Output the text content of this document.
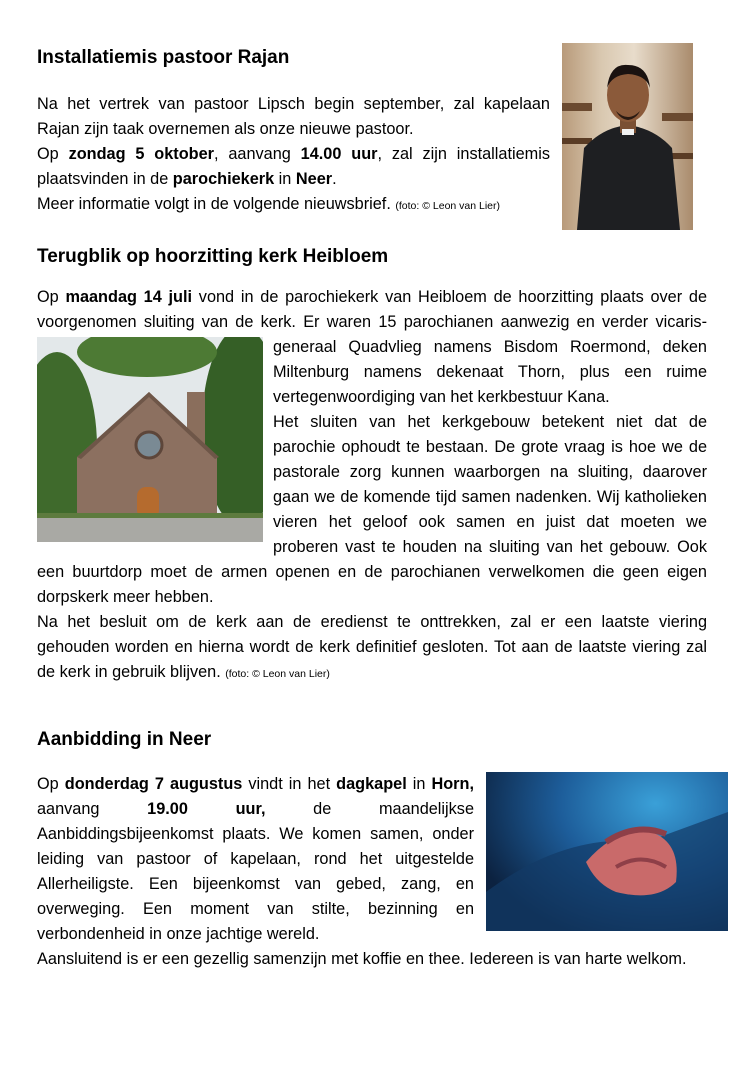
Installatiemis pastoor Rajan

Na het vertrek van pastoor Lipsch begin september, zal kapelaan Rajan zijn taak overnemen als onze nieuwe pastoor.
Op zondag 5 oktober, aanvang 14.00 uur, zal zijn installatiemis plaatsvinden in de parochiekerk in Neer.
Meer informatie volgt in de volgende nieuwsbrief. (foto: © Leon van Lier)

Terugblik op hoorzitting kerk Heibloem

Op maandag 14 juli vond in de parochiekerk van Heibloem de hoorzitting plaats over de voorgenomen sluiting van de kerk. Er waren 15 parochianen aanwezig en verder vicaris-generaal Quadvlieg namens Bisdom Roermond, deken Miltenburg namens dekenaat Thorn, plus een ruime vertegenwoordiging van het kerkbestuur Kana.
Het sluiten van het kerkgebouw betekent niet dat de parochie ophoudt te bestaan. De grote vraag is hoe we de pastorale zorg kunnen waarborgen na sluiting, daarover gaan we de komende tijd samen nadenken. Wij katholieken vieren het geloof ook samen en juist dat moeten we proberen vast te houden na sluiting van het gebouw. Ook een buurtdorp moet de armen openen en de parochianen verwelkomen die geen eigen dorpskerk meer hebben.
Na het besluit om de kerk aan de eredienst te onttrekken, zal er een laatste viering gehouden worden en hierna wordt de kerk definitief gesloten. Tot aan de laatste viering zal de kerk in gebruik blijven. (foto: © Leon van Lier)

Aanbidding in Neer

Op donderdag 7 augustus vindt in het dagkapel in Horn, aanvang 19.00 uur, de maandelijkse Aanbiddingsbijeenkomst plaats. We komen samen, onder leiding van pastoor of kapelaan, rond het uitgestelde Allerheiligste. Een bijeenkomst van gebed, zang, en overweging. Een moment van stilte, bezinning en verbondenheid in onze jachtige wereld.
Aansluitend is er een gezellig samenzijn met koffie en thee. Iedereen is van harte welkom.
